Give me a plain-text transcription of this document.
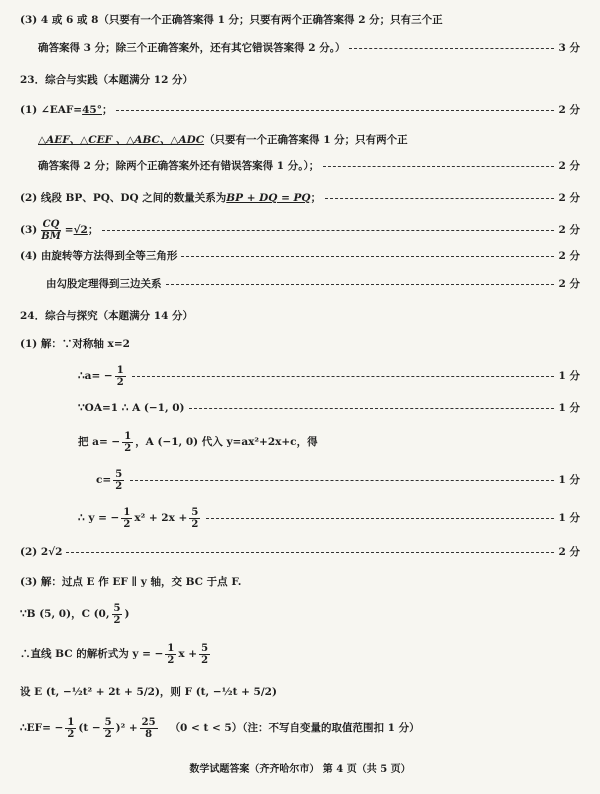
(3) 4 或 6 或 8（只要有一个正确答案得 1 分；只要有两个正确答案得 2 分；只有三个正
确答案得 3 分；除三个正确答案外，还有其它错误答案得 2 分。）	3 分
23．综合与实践（本题满分 12 分）
(1) ∠EAF= 45° ；	2 分
△AEF、△CEF 、△ABC、△ADC （只要有一个正确答案得 1 分；只有两个正
确答案得 2 分；除两个正确答案外还有错误答案得 1 分。）；	2 分
(2) 线段 BP、PQ、DQ 之间的数量关系为 BP + DQ = PQ ；	2 分
$(3) \frac{CQ}{BM} = √2$ ；	2 分
(4) 由旋转等方法得到全等三角形	2 分
由勾股定理得到三边关系	2 分
24．综合与探究（本题满分 14 分）
(1) 解：∵对称轴 x=2
∴a= − $\frac{1}{2}$	1 分
∵OA=1 ∴ A (−1, 0)	1 分
把 $a= - \frac{1}{2}$ ，A (−1, 0) 代入 y=ax²+2x+c，得
$c= \frac{5}{2}$	1 分
∴ y = − $\frac{1}{2} x^2 + 2x + \frac{5}{2}$	1 分
(2) 2√2	2 分
(3) 解：过点 E 作 EF ∥ y 轴，交 BC 于点 F.
∵B (5, 0)，C (0, $\frac{5}{2}$ )
∴直线 BC 的解析式为 y = − $\frac{1}{2}$ $x + \frac{5}{2}$
设 E (t, −½t² + 2t + 5/2)，则 F (t, −½t + 5/2)
∴EF= − $\frac{1}{2} (t - \frac{5}{2} )^2 + \frac{25}{8} (0 < t < 5)$（注：不写自变量的取值范围扣 1 分）
数学试题答案（齐齐哈尔市） 第 4 页（共 5 页）
